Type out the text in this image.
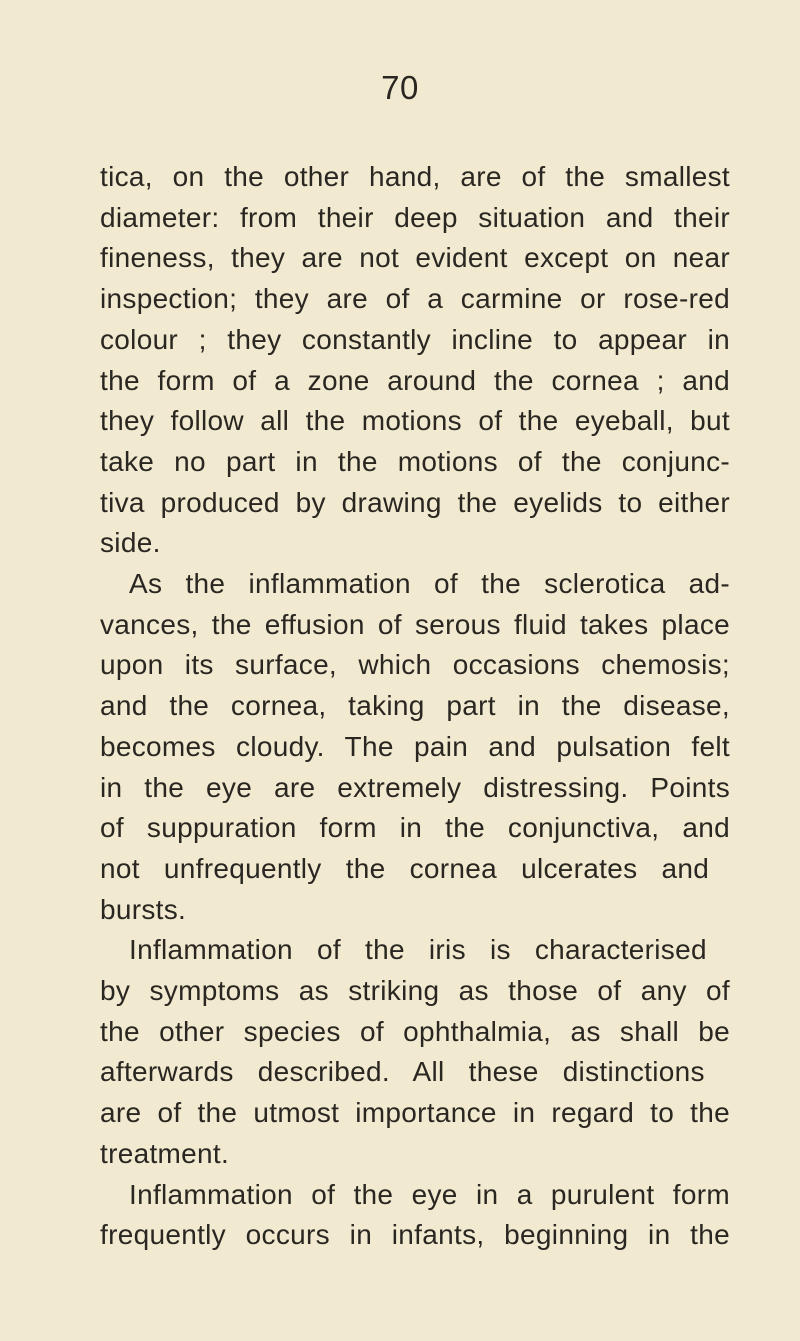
70
tica, on the other hand, are of the smallest
diameter: from their deep situation and their
fineness, they are not evident except on near
inspection; they are of a carmine or rose-red
colour ; they constantly incline to appear in
the form of a zone around the cornea ; and
they follow all the motions of the eyeball, but
take no part in the motions of the conjunc-
tiva produced by drawing the eyelids to either
side.
As the inflammation of the sclerotica ad-
vances, the effusion of serous fluid takes place
upon its surface, which occasions chemosis;
and the cornea, taking part in the disease,
becomes cloudy. The pain and pulsation felt
in the eye are extremely distressing. Points
of suppuration form in the conjunctiva, and
not unfrequently the cornea ulcerates and
bursts.
Inflammation of the iris is characterised
by symptoms as striking as those of any of
the other species of ophthalmia, as shall be
afterwards described. All these distinctions
are of the utmost importance in regard to the
treatment.
Inflammation of the eye in a purulent form
frequently occurs in infants, beginning in the
